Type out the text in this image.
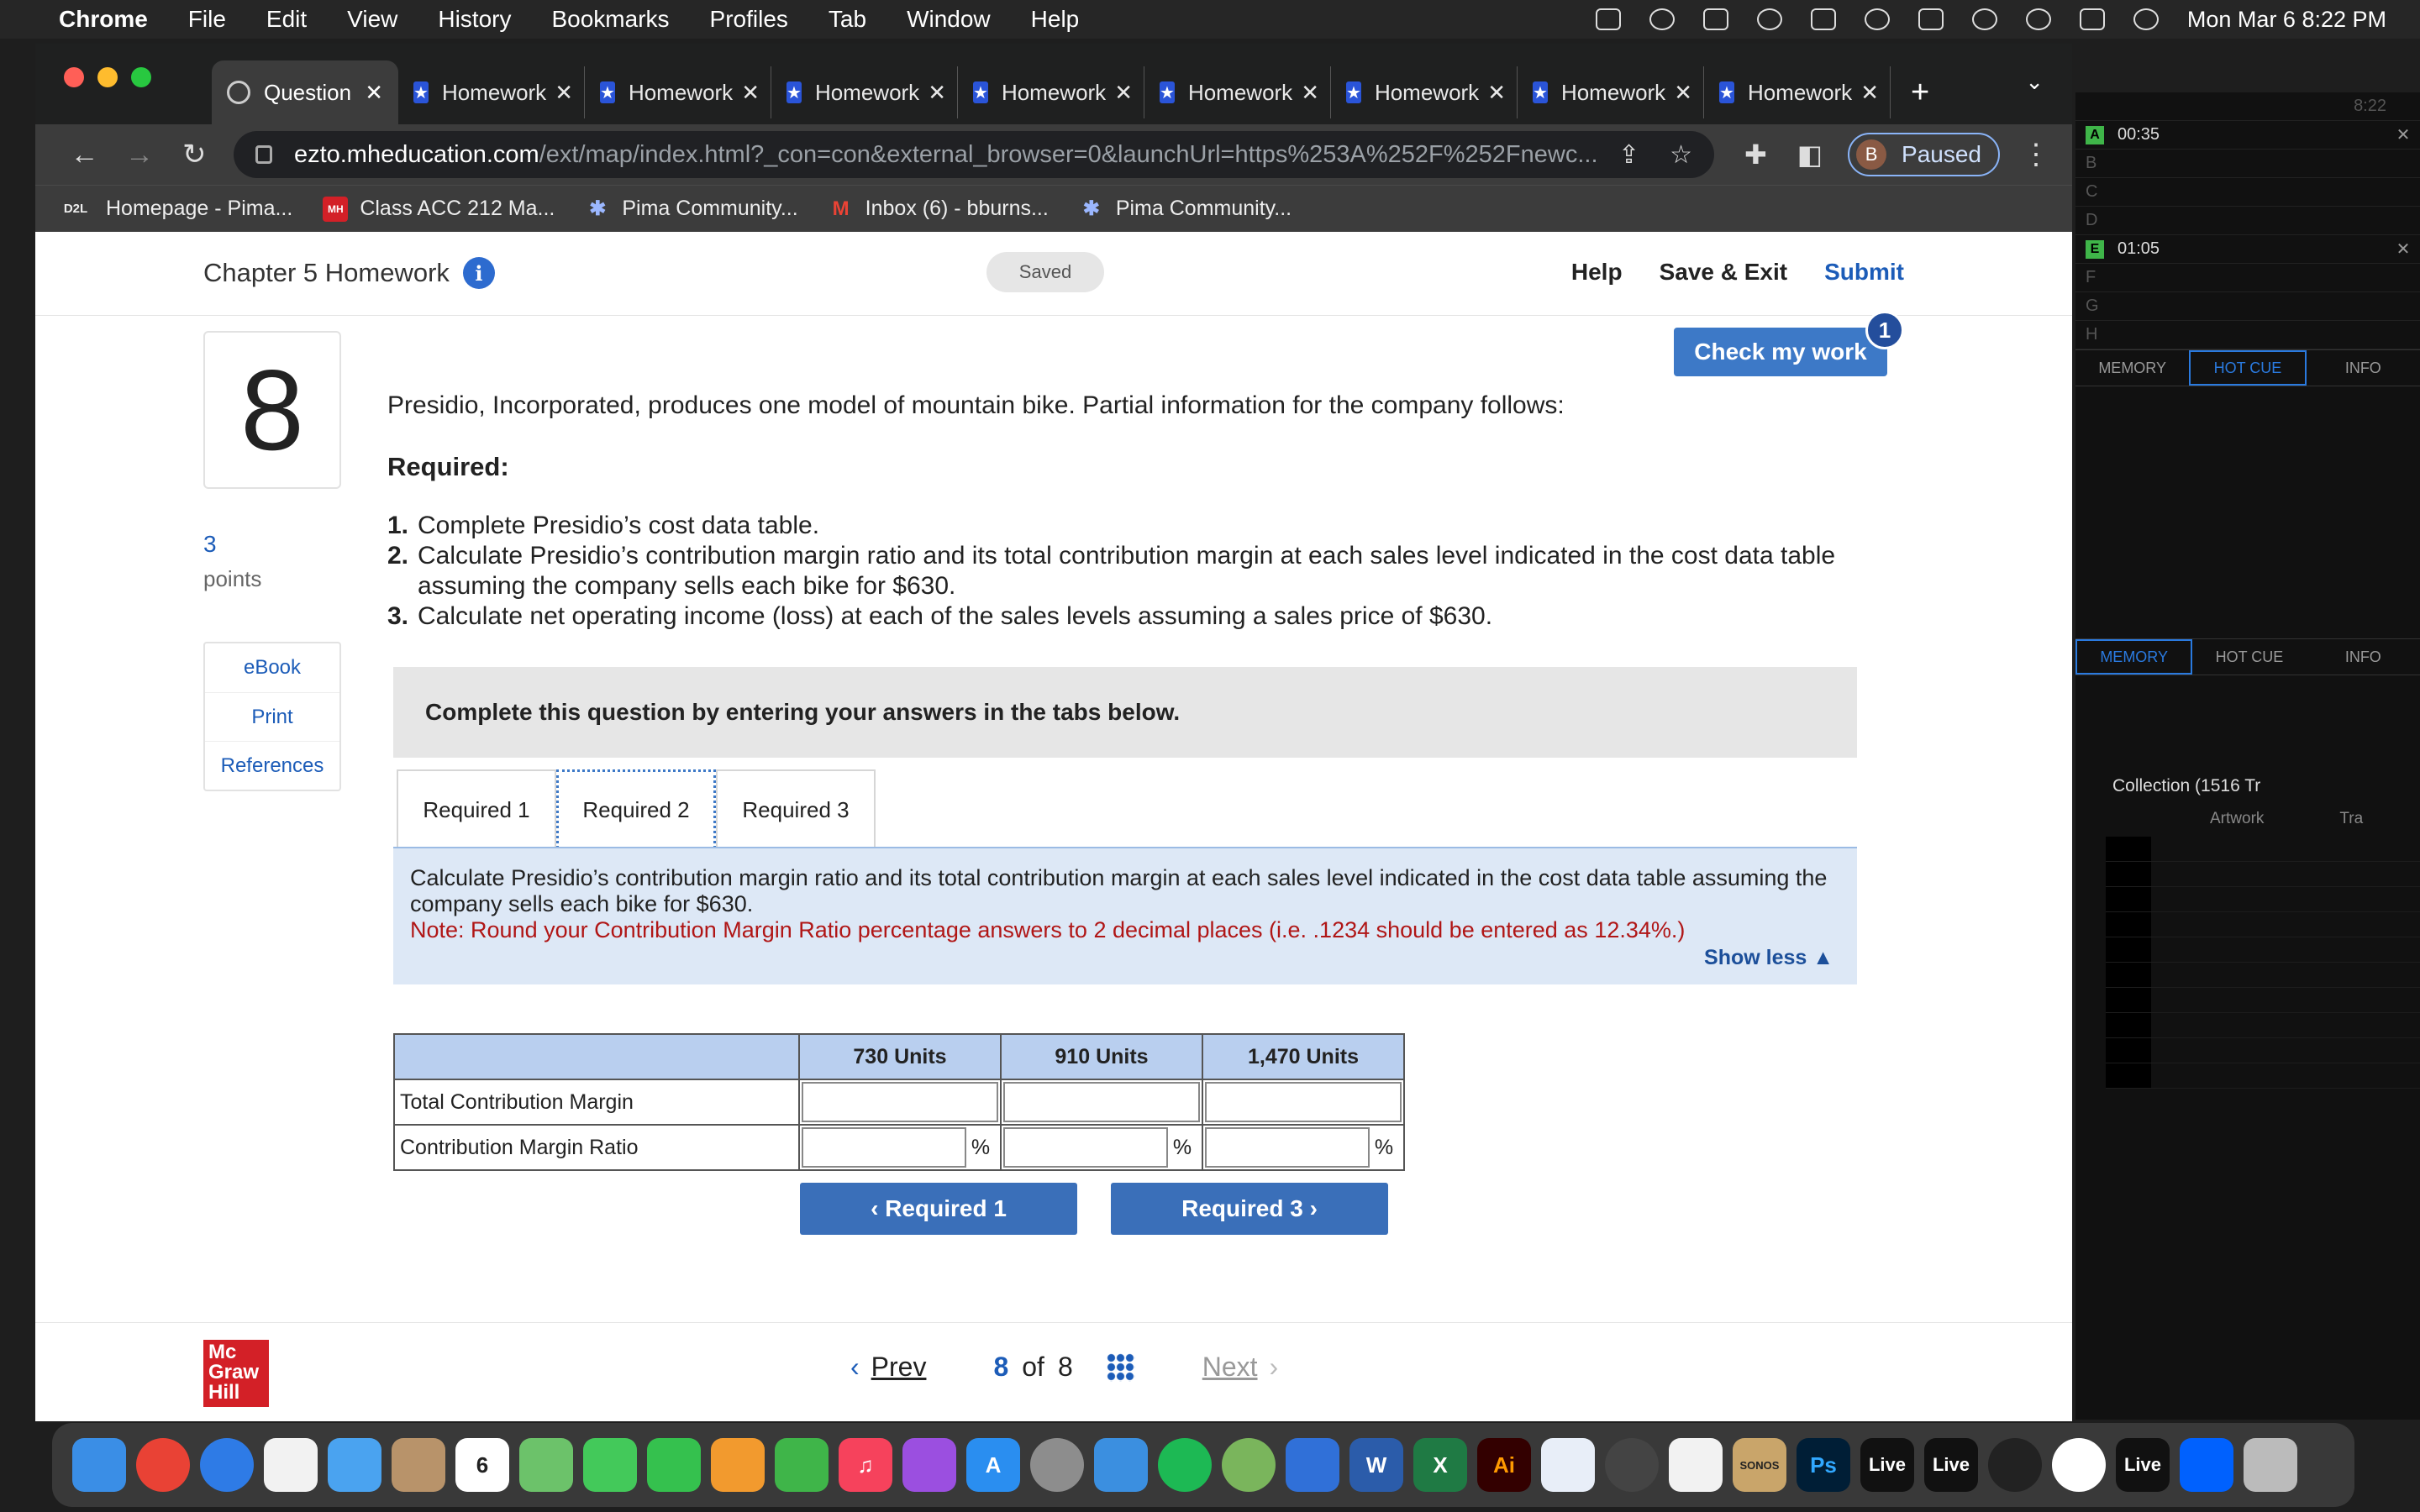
Chrome File Edit View History Bookmarks Profiles Tab Window Help	Mon Mar 6 8:22 PM
Question ✕ ★ Homework ✕ ★ Homework ✕ ★ Homework ✕ ★ Homework ✕ ★ Homework ✕ ★ Homework ✕ ★ Homework ✕ ★ Homework ✕ +	⌄
← →	↻	ezto.mheducation.com/ext/map/index.html?_con=con&external_browser=0&launchUrl=https%253A%252F%252Fnewc... ⇪ ☆ ✚ ◧	B	Paused ⋮
D2L Homepage - Pima...	MH Class ACC 212 Ma... ✱ Pima Community... M Inbox (6) - bburns... ✱ Pima Community...
Chapter 5 Homework	i	Saved	Help Save & Exit Submit
8
3
points
eBook
Print
References
Check my work
1
Presidio, Incorporated, produces one model of mountain bike. Partial information for the company follows:
Required:
1. Complete Presidio’s cost data table.
2. Calculate Presidio’s contribution margin ratio and its total contribution margin at each sales level indicated in the cost data table assuming the company sells each bike for $630.
3. Calculate net operating income (loss) at each of the sales levels assuming a sales price of $630.
Complete this question by entering your answers in the tabs below.
Required 1	Required 2	Required 3
Calculate Presidio’s contribution margin ratio and its total contribution margin at each sales level indicated in the cost data table assuming the company sells each bike for $630.
Note: Round your Contribution Margin Ratio percentage answers to 2 decimal places (i.e. .1234 should be entered as 12.34%.)
Show less ▲
	730 Units	910 Units	1,470 Units
Total Contribution Margin	

Contribution Margin Ratio	%	%	%
‹ Required 1	Required 3 ›
Mc Graw Hill
‹ Prev	8 of 8	Next ›
8:22
A 00:35	✕
B
C
D
E 01:05	✕
F
G
H
MEMORY	HOT CUE	INFO
MEMORY	HOT CUE	INFO
Collection (1516 Tr
Artwork	Tra
6	♫	A	W	X	Ai	SONOS	Ps	Live	Live	Live
